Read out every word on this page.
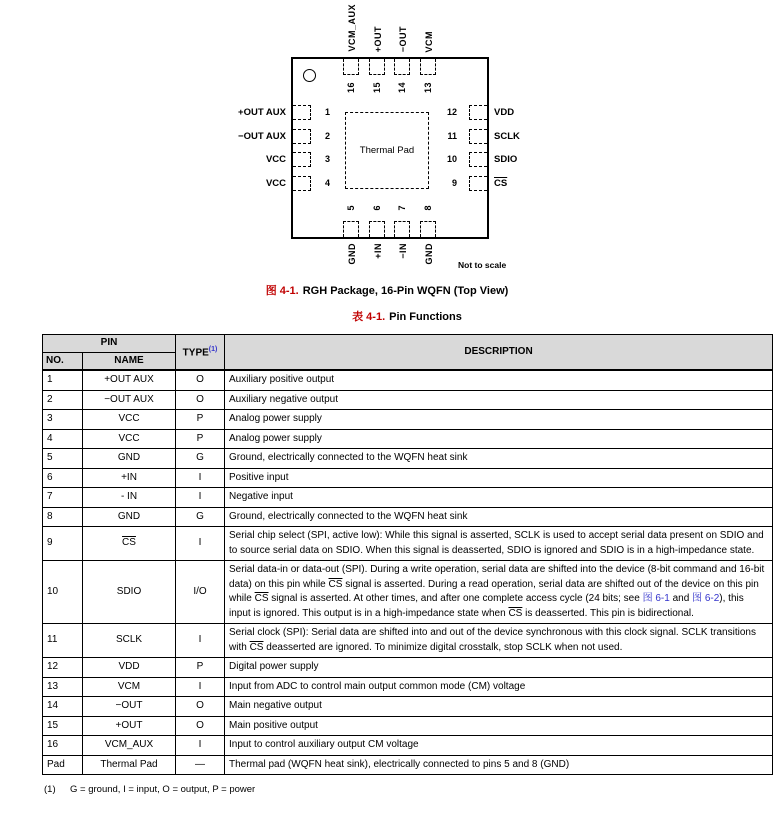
VCM_AUX +OUT −OUT VCM
+OUT AUX
−OUT AUX
VCC
VCC
VDD
SCLK
SDIO
$\overline{CS}$
GND +IN −IN GND
Not to scale
Thermal Pad
16 15 14 13
1
2
3
4
12
11
10
9
5 6 7 8
图 4-1. RGH Package, 16-Pin WQFN (Top View)
表 4-1. Pin Functions
PIN		TYPE$^{(1)}$	DESCRIPTION
NO.	NAME		
1	+OUT AUX	O	Auxiliary positive output
2	−OUT AUX	O	Auxiliary negative output
3	VCC	P	Analog power supply
4	VCC	P	Analog power supply
5	GND	G	Ground, electrically connected to the WQFN heat sink
6	+IN	I	Positive input
7	- IN	I	Negative input
8	GND	G	Ground, electrically connected to the WQFN heat sink
9	$\overline{CS}$	I	Serial chip select (SPI, active low): While this signal is asserted, SCLK is used to accept serial data present on SDIO and to source serial data on SDIO. When this signal is deasserted, SDIO is ignored and SDIO is in a high-impedance state.
10	SDIO	I/O	Serial data-in or data-out (SPI). During a write operation, serial data are shifted into the device (8-bit command and 16-bit data) on this pin while $\overline{CS}$ signal is asserted. During a read operation, serial data are shifted out of the device on this pin while $\overline{CS}$ signal is asserted. At other times, and after one complete access cycle (24 bits; see 图 6-1 and 图 6-2), this input is ignored. This output is in a high-impedance state when $\overline{CS}$ is deasserted. This pin is bidirectional.
11	SCLK	I	Serial clock (SPI): Serial data are shifted into and out of the device synchronous with this clock signal. SCLK transitions with $\overline{CS}$ deasserted are ignored. To minimize digital crosstalk, stop SCLK when not used.
12	VDD	P	Digital power supply
13	VCM	I	Input from ADC to control main output common mode (CM) voltage
14	−OUT	O	Main negative output
15	+OUT	O	Main positive output
16	VCM_AUX	I	Input to control auxiliary output CM voltage
Pad	Thermal Pad	—	Thermal pad (WQFN heat sink), electrically connected to pins 5 and 8 (GND)
(1)	G = ground, I = input, O = output, P = power
